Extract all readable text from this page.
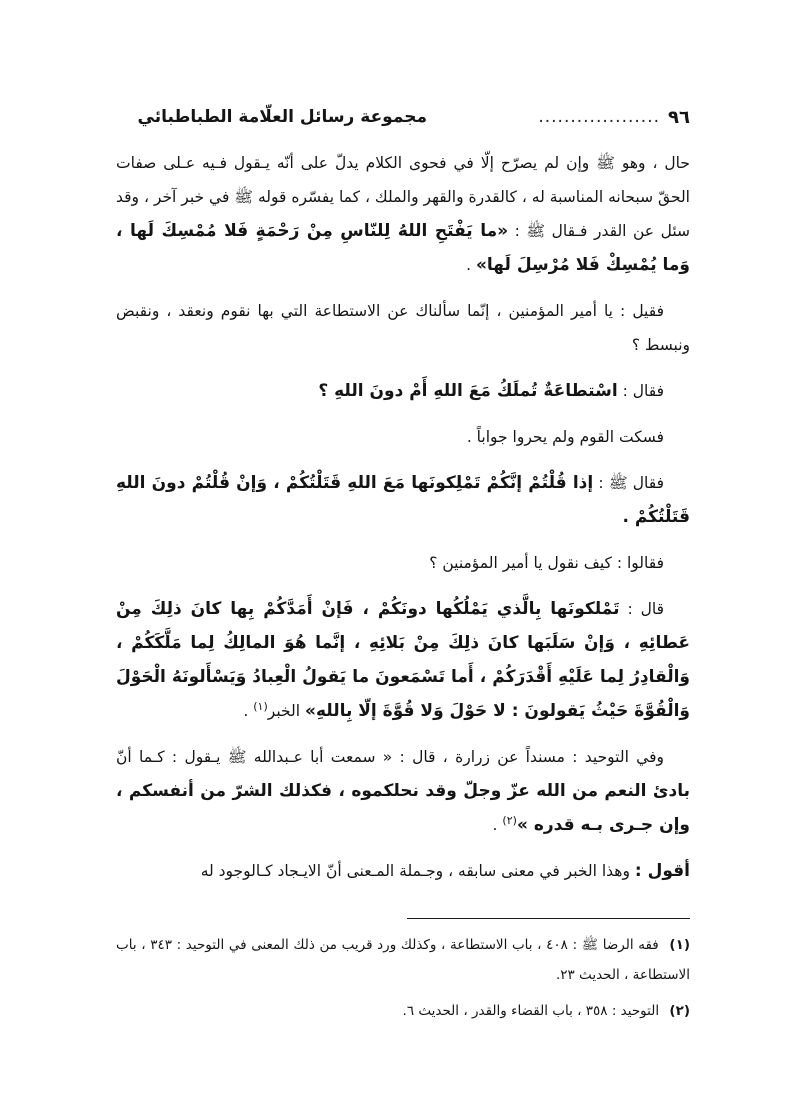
٩٦
...................
مجموعة رسائل العلّامة الطباطبائي

حال ، وهو ﷺ وإن لم يصرّح إلّا في فحوى الكلام يدلّ على أنّه يـقول فـيه عـلى صفات الحقّ سبحانه المناسبة له ، كالقدرة والقهر والملك ، كما يفسّره قوله ﷺ في خبر آخر ، وقد سئل عن القدر فـقال ﷺ : «ما يَفْتَحِ اللهُ لِلنّاسِ مِنْ رَحْمَةٍ فَلا مُمْسِكَ لَها ، وَما يُمْسِكْ فَلا مُرْسِلَ لَها» .

فقيل : يا أمير المؤمنين ، إنّما سألناك عن الاستطاعة التي بها نقوم ونعقد ، ونقبض ونبسط ؟

فقال : اسْتطاعَةٌ تُملَكُ مَعَ اللهِ أَمْ دونَ اللهِ ؟

فسكت القوم ولم يحروا جواباً .

فقال ﷺ : إذا قُلْتُمْ إنَّكُمْ تَمْلِكونَها مَعَ اللهِ قَتَلْتُكُمْ ، وَإنْ قُلْتُمْ دونَ اللهِ قَتَلْتُكُمْ .

فقالوا : كيف نقول يا أمير المؤمنين ؟

قال : تَمْلكونَها بِالَّذي يَمْلُكُها دونَكُمْ ، فَإنْ أَمَدَّكُمْ بِها كانَ ذلِكَ مِنْ عَطائِهِ ، وَإنْ سَلَبَها كانَ ذلِكَ مِنْ بَلائِهِ ، إنَّما هُوَ المالِكُ لِما مَلَّكَكُمْ ، وَالْقادِرُ لِما عَلَيْهِ أَقْدَرَكُمْ ، أَما تَسْمَعونَ ما يَقولُ الْعِبادُ وَيَسْأَلونَهُ الْحَوْلَ وَالْقُوَّةَ حَيْثُ يَقولونَ : لا حَوْلَ وَلا قُوَّةَ إلّا بِاللهِ» الخبر$^{(١)}$ .

وفي التوحيد : مسنداً عن زرارة ، قال : « سمعت أبا عـبدالله ﷺ يـقول : كـما أنّ بادئ النعم من الله عزّ وجلّ وقد نحلكموه ، فكذلك الشرّ من أنفسكم ، وإن جـرى بـه قدره »$^{(٢)}$ .

أقول : وهذا الخبر في معنى سابقه ، وجـملة المـعنى أنّ الايـجاد كـالوجود له

(١) فقه الرضا ﷺ : ٤٠٨ ، باب الاستطاعة ، وكذلك ورد قريب من ذلك المعنى في التوحيد : ٣٤٣ ، باب الاستطاعة ، الحديث ٢٣.

(٢) التوحيد : ٣٥٨ ، باب القضاء والقدر ، الحديث ٦.
